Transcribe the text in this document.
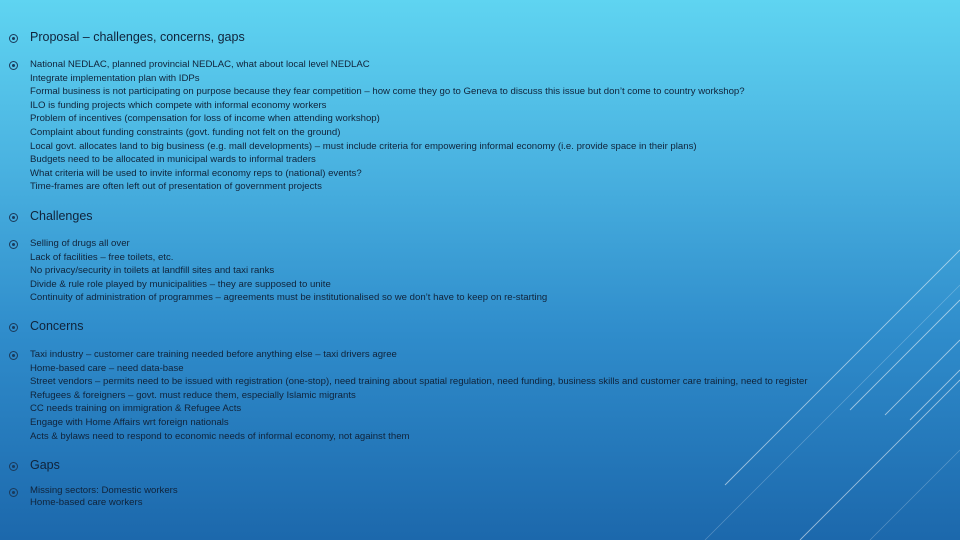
Proposal – challenges, concerns, gaps
National NEDLAC, planned provincial NEDLAC, what about local level NEDLAC
Integrate implementation plan with IDPs
Formal business is not participating on purpose because they fear competition – how come they go to Geneva to discuss this issue but don’t come to country workshop?
ILO is funding projects which compete with informal economy workers
Problem of incentives (compensation for loss of income when attending workshop)
Complaint about funding constraints (govt. funding not felt on the ground)
Local govt. allocates land to big business (e.g. mall developments) – must include criteria for empowering informal economy (i.e. provide space in their plans)
Budgets need to be allocated in municipal wards to informal traders
What criteria will be used to invite informal economy reps to (national) events?
Time-frames are often left out of presentation of government projects
Challenges
Selling of drugs all over
Lack of facilities – free toilets, etc.
No privacy/security in toilets at landfill sites and taxi ranks
Divide & rule role played by municipalities – they are supposed to unite
Continuity of administration of programmes – agreements must be institutionalised so we don’t have to keep on re-starting
Concerns
Taxi industry – customer care training needed before anything else – taxi drivers agree
Home-based care – need data-base
Street vendors – permits need to be issued with registration (one-stop), need training about spatial regulation, need funding, business skills and customer care training, need to register
Refugees & foreigners – govt. must reduce them, especially Islamic migrants
CC needs training on immigration & Refugee Acts
Engage with Home Affairs wrt foreign nationals
Acts & bylaws need to respond to economic needs of informal economy, not against them
Gaps
Missing sectors: Domestic workers
Home-based care workers
